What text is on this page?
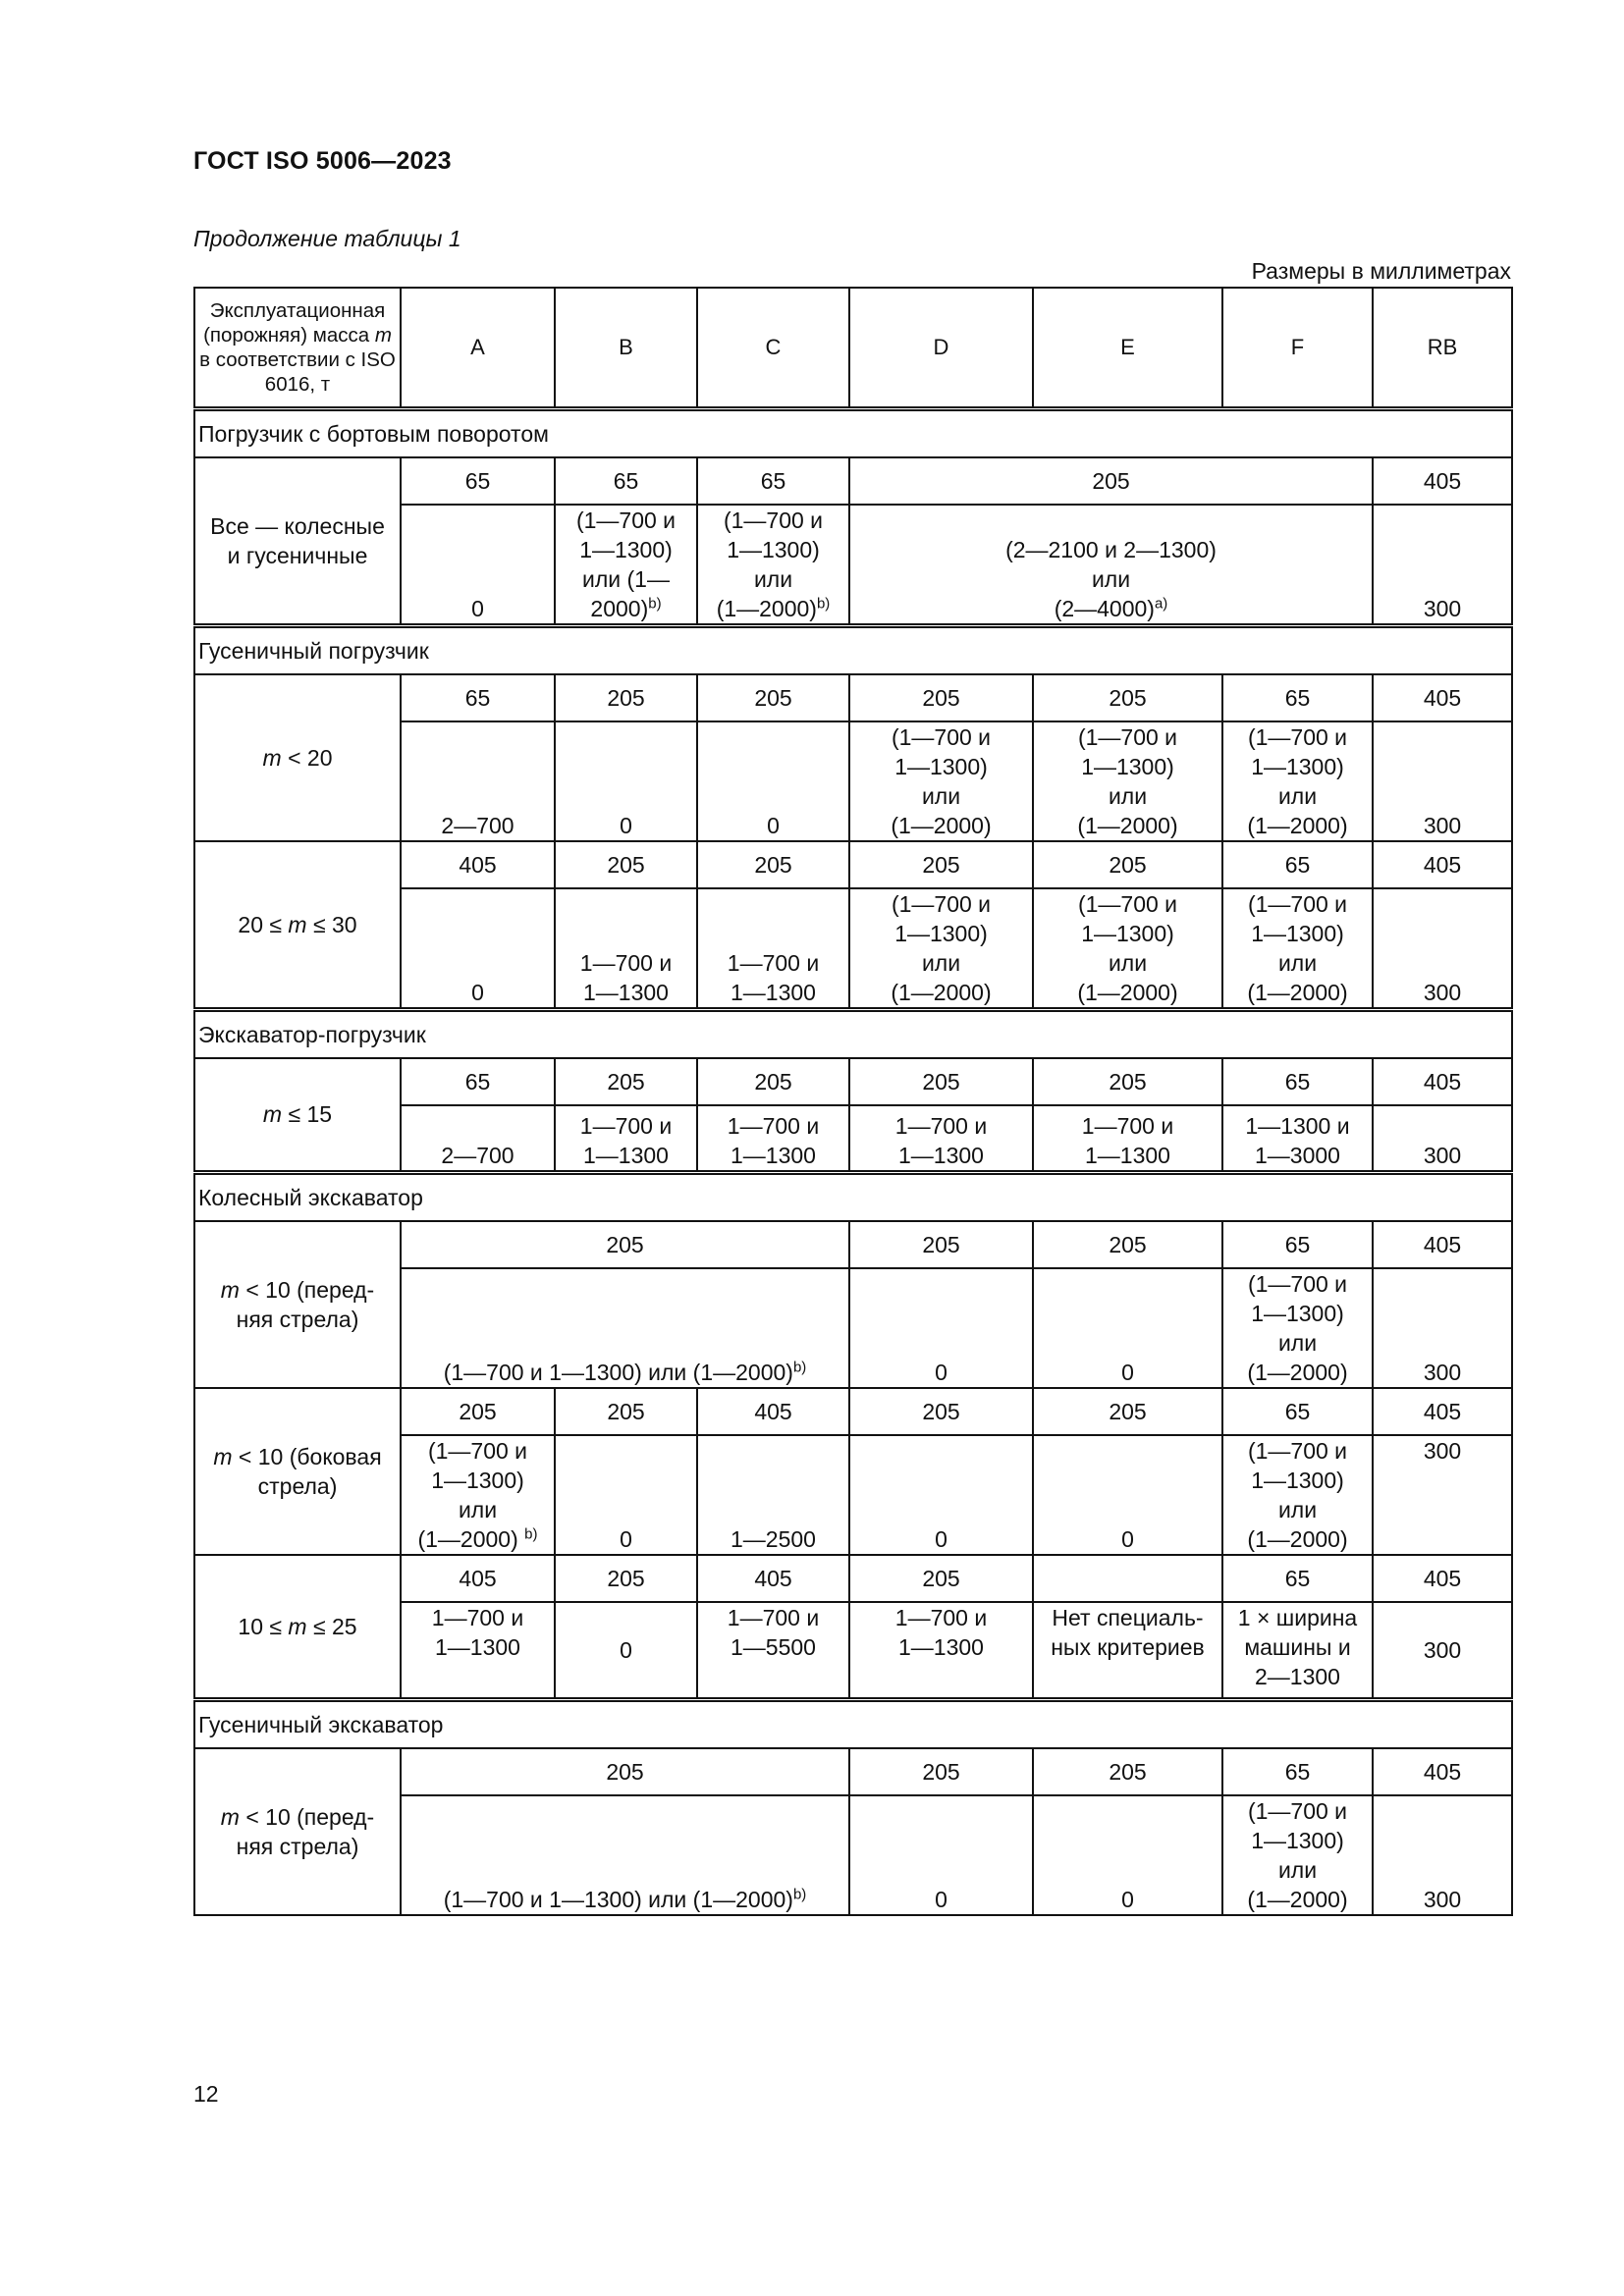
ГОСТ ISO 5006—2023
Продолжение таблицы 1
Размеры в миллиметрах
Эксплуатационная (порожняя) масса m в соответствии с ISO 6016, т	A	B	C	D	E	F	RB
Погрузчик с бортовым поворотом							
Все — колесные
и гусеничные	65	65	65	205			405
	0	(1—700 и
1—1300)
или (1—
2000)$^{b)}$	(1—700 и
1—1300)
или
(1—2000)$^{b)}$	(2—2100 и 2—1300)
или
(2—4000)$^{a)}$			300
Гусеничный погрузчик							
m < 20	65	205	205	205	205	65	405
	2—700	0	0	(1—700 и
1—1300)
или
(1—2000)	(1—700 и
1—1300)
или
(1—2000)	(1—700 и
1—1300)
или
(1—2000)	300
20 ≤ m ≤ 30	405	205	205	205	205	65	405
	0	1—700 и
1—1300	1—700 и
1—1300	(1—700 и
1—1300)
или
(1—2000)	(1—700 и
1—1300)
или
(1—2000)	(1—700 и
1—1300)
или
(1—2000)	300
Экскаватор-погрузчик							
m ≤ 15	65	205	205	205	205	65	405
	2—700	1—700 и
1—1300	1—700 и
1—1300	1—700 и
1—1300	1—700 и
1—1300	1—1300 и
1—3000	300
Колесный экскаватор							
m < 10 (перед-
няя стрела)	205			205	205	65	405
	(1—700 и 1—1300) или (1—2000)$^{b)}$			0	0	(1—700 и
1—1300)
или
(1—2000)	300
m < 10 (боковая
стрела)	205	205	405	205	205	65	405
	(1—700 и
1—1300)
или
(1—2000) $^{b)}$	0	1—2500	0	0	(1—700 и
1—1300)
или
(1—2000)	300
10 ≤ m ≤ 25	405	205	405	205		65	405
	1—700 и
1—1300	0	1—700 и
1—5500	1—700 и
1—1300	Нет специаль-
ных критериев	1 × ширина
машины и
2—1300	300
Гусеничный экскаватор							
m < 10 (перед-
няя стрела)	205			205	205	65	405
	(1—700 и 1—1300) или (1—2000)$^{b)}$			0	0	(1—700 и
1—1300)
или
(1—2000)	300
12
